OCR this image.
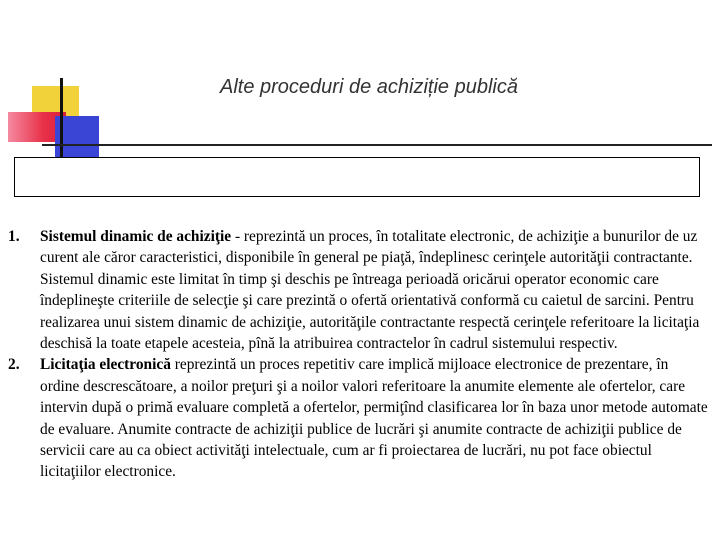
Alte proceduri de achiziție publică
1.	Sistemul dinamic de achiziţie - reprezintă un proces, în totalitate electronic, de achiziţie a bunurilor de uz curent ale căror caracteristici, disponibile în general pe piaţă, îndeplinesc cerinţele autorităţii contractante. Sistemul dinamic este limitat în timp şi deschis pe întreaga perioadă oricărui operator economic care îndeplineşte criteriile de selecţie şi care prezintă o ofertă orientativă conformă cu caietul de sarcini. Pentru realizarea unui sistem dinamic de achiziţie, autorităţile contractante respectă cerinţele referitoare la licitaţia deschisă la toate etapele acesteia, pînă la atribuirea contractelor în cadrul sistemului respectiv.
2.	Licitaţia electronică reprezintă un proces repetitiv care implică mijloace electronice de prezentare, în ordine descrescătoare, a noilor preţuri şi a noilor valori referitoare la anumite elemente ale ofertelor, care intervin după o primă evaluare completă a ofertelor, permiţînd clasificarea lor în baza unor metode automate de evaluare. Anumite contracte de achiziţii publice de lucrări şi anumite contracte de achiziţii publice de servicii care au ca obiect activităţi intelectuale, cum ar fi proiectarea de lucrări, nu pot face obiectul licitaţiilor electronice.
